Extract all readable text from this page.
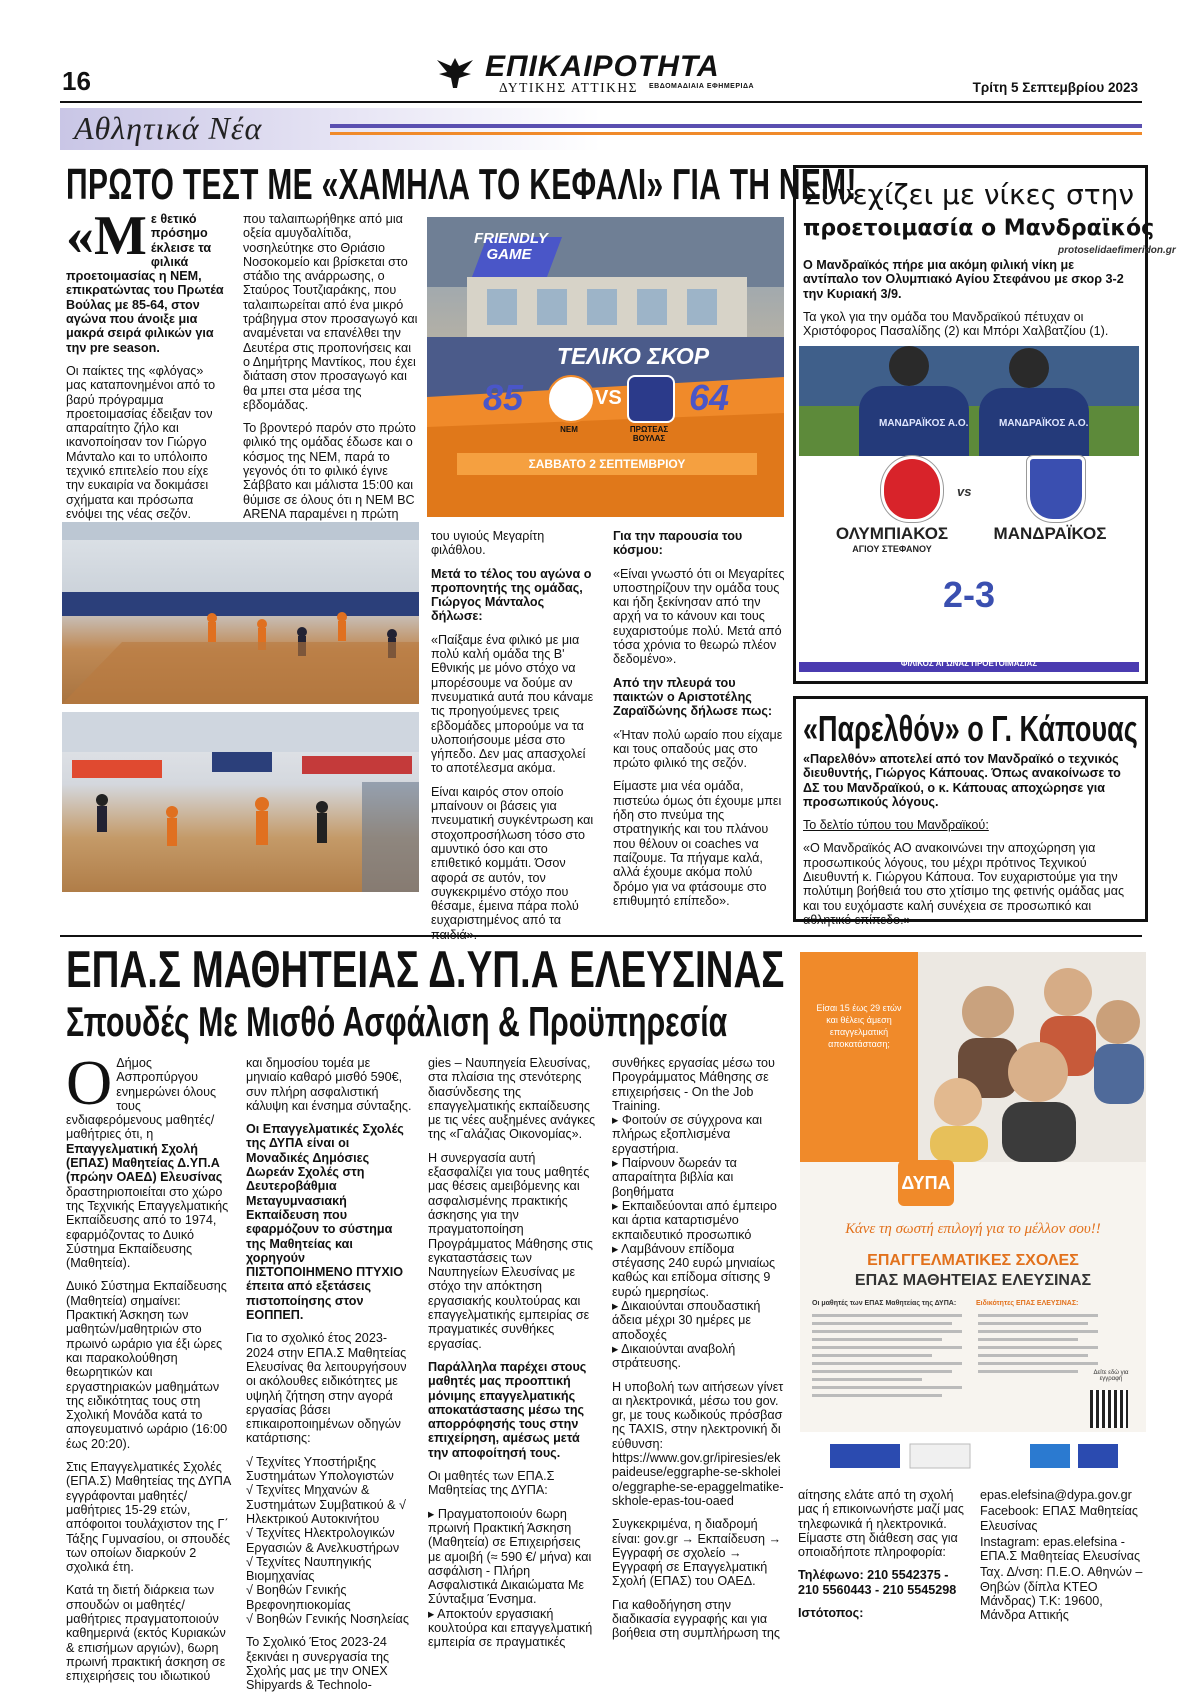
16	ΕΠΙΚΑΙΡΟΤΗΤΑ
ΔΥΤΙΚΗΣ ΑΤΤΙΚΗΣ ΕΒΔΟΜΑΔΙΑΙΑ ΕΦΗΜΕΡΙΔΑ	Τρίτη 5 Σεπτεμβρίου 2023
Αθλητικά Νέα
ΠΡΩΤΟ ΤΕΣΤ ΜΕ «ΧΑΜΗΛΑ ΤΟ ΚΕΦΑΛΙ» ΓΙΑ ΤΗ ΝΕΜ!

«Μ ε θετικό πρόσημο έκλεισε τα φιλικά προετοιμασίας η ΝΕΜ, επικρατώντας του Πρωτέα Βούλας με 85-64, στον αγώνα που άνοιξε μια μακρά σειρά φιλικών για την pre season.

Οι παίκτες της «φλόγας» μας καταπονημένοι από το βαρύ πρόγραμμα προετοιμασίας έδειξαν τον απαραίτητο ζήλο και ικανοποίησαν τον Γιώργο Μάνταλο και το υπόλοιπο τεχνικό επιτελείο που είχε την ευκαιρία να δοκιμάσει σχήματα και πρόσωπα ενόψει της νέας σεζόν.

που ταλαιπωρήθηκε από μια οξεία αμυγδαλίτιδα, νοσηλεύτηκε στο Θριάσιο Νοσοκομείο και βρίσκεται στο στάδιο της ανάρρωσης, ο Σταύρος Τουτζιαράκης, που ταλαιπωρείται από ένα μικρό τράβηγμα στον προσαγωγό και αναμένεται να επανέλθει την Δευτέρα στις προπονήσεις και ο Δημήτρης Μαντίκος, που έχει διάταση στον προσαγωγό και θα μπει στα μέσα της εβδομάδας.

Το βροντερό παρόν στο πρώτο φιλικό της ομάδας έδωσε και ο κόσμος της ΝΕΜ, παρά το γεγονός ότι το φιλικό έγινε Σάββατο και μάλιστα 15:00 και θύμισε σε όλους ότι η ΝΕΜ BC ARENA παραμένει η πρώτη

FRIENDLY
GAME
ΤΕΛΙΚΟ ΣΚΟΡ
85	VS 64
ΝΕΜ	ΠΡΩΤΕΑΣ ΒΟΥΛΑΣ
ΣΑΒΒΑΤΟ 2 ΣΕΠΤΕΜΒΡΙΟΥ

του υγιούς Μεγαρίτη φιλάθλου.

Μετά το τέλος του αγώνα ο προπονητής της ομάδας, Γιώργος Μάνταλος δήλωσε:

«Παίξαμε ένα φιλικό με μια πολύ καλή ομάδα της Β' Εθνικής με μόνο στόχο να μπορέσουμε να δούμε αν πνευματικά αυτά που κάναμε τις προηγούμενες τρεις εβδομάδες μπορούμε να τα υλοποιήσουμε μέσα στο γήπεδο. Δεν μας απασχολεί το αποτέλεσμα ακόμα.

Είναι καιρός στον οποίο μπαίνουν οι βάσεις για πνευματική συγκέντρωση και στοχοπροσήλωση τόσο στο αμυντικό όσο και στο επιθετικό κομμάτι. Όσον αφορά σε αυτόν, τον συγκεκριμένο στόχο που θέσαμε, έμεινα πάρα πολύ ευχαριστημένος από τα

Για την παρουσία του κόσμου:

«Είναι γνωστό ότι οι Μεγαρίτες υποστηρίζουν την ομάδα τους και ήδη ξεκίνησαν από την αρχή να το κάνουν και τους ευχαριστούμε πολύ. Μετά από τόσα χρόνια το θεωρώ πλέον δεδομένο».

Από την πλευρά του παικτών ο Αριστοτέλης Ζαραϊδώνης δήλωσε πως:

«Ήταν πολύ ωραίο που είχαμε και τους οπαδούς μας στο πρώτο φιλικό της σεζόν.

Είμαστε μια νέα ομάδα, πιστεύω όμως ότι έχουμε μπει ήδη στο πνεύμα της στρατηγικής και του πλάνου που θέλουν οι coaches να παίζουμε. Τα πήγαμε καλά, αλλά έχουμε ακόμα πολύ δρόμο για να φτάσουμε στο επιθυμητό επίπεδο».

Συνεχίζει με νίκες στην
προετοιμασία ο Μανδραϊκός
protoselidaefimeridon.gr

Ο Μανδραϊκός πήρε μια ακόμη φιλική νίκη με αντίπαλο τον Ολυμπιακό Αγίου Στεφάνου με σκορ 3-2 την Κυριακή 3/9.

Τα γκολ για την ομάδα του Μανδραϊκού πέτυχαν οι Χριστόφορος Πασαλίδης (2) και Μπόρι Χαλβατζίου (1).

ΜΑΝΔΡΑΪΚΟΣ Α.Ο.	ΜΑΝΔΡΑΪΚΟΣ Α.Ο.
vs
ΟΛΥΜΠΙΑΚΟΣ
ΑΓΙΟΥ ΣΤΕΦΑΝΟΥ
ΜΑΝΔΡΑΪΚΟΣ
2-3
ΦΙΛΙΚΟΣ ΑΓΩΝΑΣ ΠΡΟΕΤΟΙΜΑΣΙΑΣ
«Παρελθόν» ο Γ. Κάπουας

«Παρελθόν» αποτελεί από τον Μανδραϊκό ο τεχνικός διευθυντής, Γιώργος Κάπουας. Όπως ανακοίνωσε το ΔΣ του Μανδραϊκού, ο κ. Κάπουας αποχώρησε για προσωπικούς λόγους.

Το δελτίο τύπου του Μανδραϊκού:

«Ο Μανδραϊκός ΑΟ ανακοινώνει την αποχώρηση για προσωπικούς λόγους, του μέχρι πρότινος Τεχνικού Διευθυντή κ. Γιώργου Κάπουα. Τον ευχαριστούμε για την πολύτιμη βοήθειά του στο χτίσιμο της φετινής ομάδας μας και του ευχόμαστε καλή συνέχεια σε προσωπικό και αθλητικό επίπεδο.»

ΕΠΑ.Σ ΜΑΘΗΤΕΙΑΣ Δ.ΥΠ.Α ΕΛΕΥΣΙΝΑΣ
Σπουδές Με Μισθό Ασφάλιση & Προϋπηρεσία

Ο Δήμος Ασπροπύργου ενημερώνει όλους τους ενδιαφερόμενους μαθητές/μαθήτριες ότι, η Επαγγελματική Σχολή (ΕΠΑΣ) Μαθητείας Δ.ΥΠ.Α (πρώην ΟΑΕΔ) Ελευσίνας δραστηριοποιείται στο χώρο της Τεχνικής Επαγγελματικής Εκπαίδευσης από το 1974, εφαρμόζοντας το Δυικό Σύστημα Εκπαίδευσης (Μαθητεία).

Δυικό Σύστημα Εκπαίδευσης (Μαθητεία) σημαίνει: Πρακτική Άσκηση των μαθητών/μαθητριών στο πρωινό ωράριο για έξι ώρες και παρακολούθηση θεωρητικών και εργαστηριακών μαθημάτων της ειδικότητας τους στη Σχολική Μονάδα κατά το απογευματινό ωράριο (16:00 έως 20:20).

Στις Επαγγελματικές Σχολές (ΕΠΑ.Σ) Μαθητείας της ΔΥΠΑ εγγράφονται μαθητές/μαθήτριες 15-29 ετών, απόφοιτοι τουλάχιστον της Γ΄ Τάξης Γυμνασίου, οι σπουδές των οποίων διαρκούν 2 σχολικά έτη.

Κατά τη διετή διάρκεια των σπουδών οι μαθητές/μαθήτριες πραγματοποιούν καθημερινά (εκτός Κυριακών & επισήμων αργιών), 6ωρη πρωινή πρακτική άσκηση σε επιχειρήσεις του ιδιωτικού

και δημοσίου τομέα με μηνιαίο καθαρό μισθό 590€, συν πλήρη ασφαλιστική κάλυψη και ένσημα σύνταξης.

Οι Επαγγελματικές Σχολές της ΔΥΠΑ είναι οι Μοναδικές Δημόσιες Δωρεάν Σχολές στη Δευτεροβάθμια Μεταγυμνασιακή Εκπαίδευση που εφαρμόζουν το σύστημα της Μαθητείας και χορηγούν ΠΙΣΤΟΠΟΙΗΜΕΝΟ ΠΤΥΧΙΟ έπειτα από εξετάσεις πιστοποίησης στον ΕΟΠΠΕΠ.

Για το σχολικό έτος 2023-2024 στην ΕΠΑ.Σ Μαθητείας Ελευσίνας θα λειτουργήσουν οι ακόλουθες ειδικότητες με υψηλή ζήτηση στην αγορά εργασίας βάσει επικαιροποιημένων οδηγών κατάρτισης:

√ Τεχνίτες Υποστήριξης Συστημάτων Υπολογιστών
√ Τεχνίτες Μηχανών & Συστημάτων Συμβατικού & √ Ηλεκτρικού Αυτοκινήτου
√ Τεχνίτες Ηλεκτρολογικών Εργασιών & Ανελκυστήρων
√ Τεχνίτες Ναυπηγικής Βιομηχανίας
√ Βοηθών Γενικής Βρεφονηπιοκομίας
√ Βοηθών Γενικής Νοσηλείας

Το Σχολικό Έτος 2023-24 ξεκινάει η συνεργασία της Σχολής μας με την ONEX Shipyards & Technolo-

gies – Ναυπηγεία Ελευσίνας, στα πλαίσια της στενότερης διασύνδεσης της επαγγελματικής εκπαίδευσης με τις νέες αυξημένες ανάγκες της «Γαλάζιας Οικονομίας».

Η συνεργασία αυτή εξασφαλίζει για τους μαθητές μας θέσεις αμειβόμενης και ασφαλισμένης πρακτικής άσκησης για την πραγματοποίηση Προγράμματος Μάθησης στις εγκαταστάσεις των Ναυπηγείων Ελευσίνας με στόχο την απόκτηση εργασιακής κουλτούρας και επαγγελματικής εμπειρίας σε πραγματικές συνθήκες εργασίας.

Παράλληλα παρέχει στους μαθητές μας προοπτική μόνιμης επαγγελματικής αποκατάστασης μέσω της απορρόφησής τους στην επιχείρηση, αμέσως μετά την αποφοίτησή τους.

Οι μαθητές των ΕΠΑ.Σ Μαθητείας της ΔΥΠΑ:

▸ Πραγματοποιούν 6ωρη πρωινή Πρακτική Άσκηση (Μαθητεία) σε Επιχειρήσεις με αμοιβή (≈ 590 €/ μήνα) και ασφάλιση - Πλήρη Ασφαλιστικά Δικαιώματα Με Σύνταξιμα Ένσημα.
▸ Αποκτούν εργασιακή κουλτούρα και επαγγελματική εμπειρία σε πραγματικές

συνθήκες εργασίας μέσω του Προγράμματος Μάθησης σε επιχειρήσεις - On the Job Training.
▸ Φοιτούν σε σύγχρονα και πλήρως εξοπλισμένα εργαστήρια.
▸ Παίρνουν δωρεάν τα απαραίτητα βιβλία και βοηθήματα
▸ Εκπαιδεύονται από έμπειρο και άρτια καταρτισμένο εκπαιδευτικό προσωπικό
▸ Λαμβάνουν επίδομα στέγασης 240 ευρώ μηνιαίως καθώς και επίδομα σίτισης 9 ευρώ ημερησίως.
▸ Δικαιούνται σπουδαστική άδεια μέχρι 30 ημέρες με αποδοχές
▸ Δικαιούνται αναβολή στράτευσης.

Η υποβολή των αιτήσεων γίνεται ηλεκτρονικά, μέσω του gov.gr, με τους κωδικούς πρόσβασης TAXIS, στην ηλεκτρονική διεύθυνση:
https://www.gov.gr/ipiresies/ekpaideuse/eggraphe-se-skholeio/eggraphe-se-epaggelmatike-skhole-epas-tou-oaed

Συγκεκριμένα, η διαδρομή είναι: gov.gr → Εκπαίδευση → Εγγραφή σε σχολείο → Εγγραφή σε Επαγγελματική Σχολή (ΕΠΑΣ) του ΟΑΕΔ.

Για καθοδήγηση στην διαδικασία εγγραφής και για βοήθεια στη συμπλήρωση της

αίτησης ελάτε από τη σχολή μας ή επικοινωνήστε μαζί μας τηλεφωνικά ή ηλεκτρονικά.
Είμαστε στη διάθεση σας για οποιαδήποτε πληροφορία:

Τηλέφωνο: 210 5542375 - 210 5560443 - 210 5545298

Ιστότοπος:

epas.elefsina@dypa.gov.gr

Facebook: ΕΠΑΣ Μαθητείας Ελευσίνας

Instagram: epas.elefsina - ΕΠΑ.Σ Μαθητείας Ελευσίνας

Ταχ. Δ/νση: Π.Ε.Ο. Αθηνών – Θηβών (δίπλα ΚΤΕΟ Μάνδρας) Τ.Κ: 19600, Μάνδρα Αττικής

Είσαι 15 έως 29 ετών και θέλεις άμεση επαγγελματική αποκατάσταση;
ΔΥΠΑ
Κάνε τη σωστή επιλογή για το μέλλον σου!!
ΕΠΑΓΓΕΛΜΑΤΙΚΕΣ ΣΧΟΛΕΣ
ΕΠΑΣ ΜΑΘΗΤΕΙΑΣ ΕΛΕΥΣΙΝΑΣ
Οι μαθητές των ΕΠΑΣ Μαθητείας της ΔΥΠΑ:	Ειδικότητες ΕΠΑΣ ΕΛΕΥΣΙΝΑΣ:
Δείτε εδώ για εγγραφή
